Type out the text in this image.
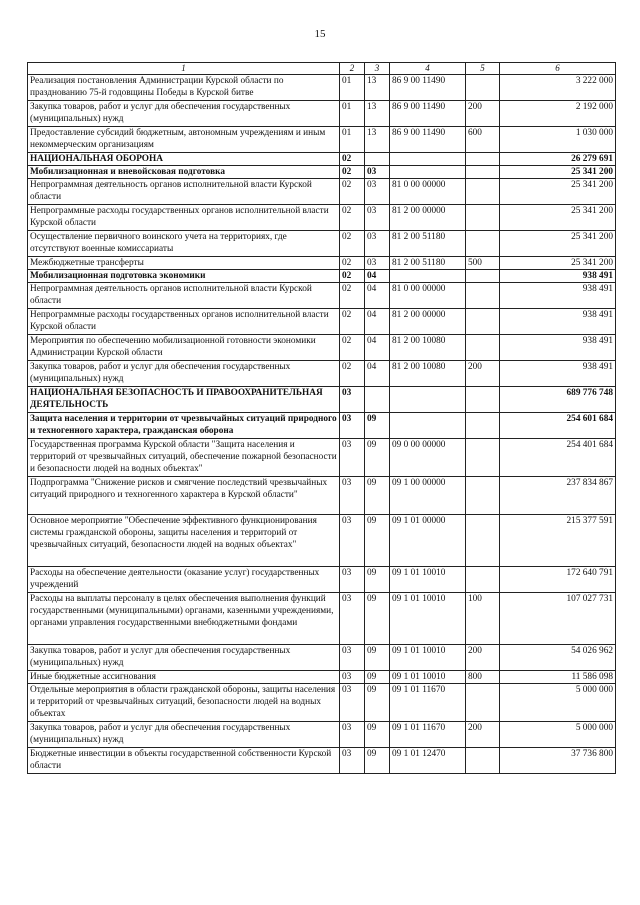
15
1	2	3	4	5	6
Реализация постановления Администрации Курской области по празднованию 75-й годовщины Победы в Курской битве	01	13	86 9 00 11490		3 222 000
Закупка товаров, работ и услуг для обеспечения государственных (муниципальных) нужд	01	13	86 9 00 11490	200	2 192 000
Предоставление субсидий бюджетным, автономным учреждениям и иным некоммерческим организациям	01	13	86 9 00 11490	600	1 030 000
НАЦИОНАЛЬНАЯ ОБОРОНА	02				26 279 691
Мобилизационная и вневойсковая подготовка	02	03			25 341 200
Непрограммная деятельность органов исполнительной власти Курской области	02	03	81 0 00 00000		25 341 200
Непрограммные расходы государственных органов исполнительной власти Курской области	02	03	81 2 00 00000		25 341 200
Осуществление первичного воинского учета на территориях, где отсутствуют военные комиссариаты	02	03	81 2 00 51180		25 341 200
Межбюджетные трансферты	02	03	81 2 00 51180	500	25 341 200
Мобилизационная подготовка экономики	02	04			938 491
Непрограммная деятельность органов исполнительной власти Курской области	02	04	81 0 00 00000		938 491
Непрограммные расходы государственных органов исполнительной власти Курской области	02	04	81 2 00 00000		938 491
Мероприятия по обеспечению мобилизационной готовности экономики Администрации Курской области	02	04	81 2 00 10080		938 491
Закупка товаров, работ и услуг для обеспечения государственных (муниципальных) нужд	02	04	81 2 00 10080	200	938 491
НАЦИОНАЛЬНАЯ БЕЗОПАСНОСТЬ И ПРАВООХРАНИТЕЛЬНАЯ ДЕЯТЕЛЬНОСТЬ	03				689 776 748
Защита населения и территории от чрезвычайных ситуаций природного и техногенного характера, гражданская оборона	03	09			254 601 684
Государственная программа Курской области "Защита населения и территорий от чрезвычайных ситуаций, обеспечение пожарной безопасности и безопасности людей на водных объектах"	03	09	09 0 00 00000		254 401 684
Подпрограмма "Снижение рисков и смягчение последствий чрезвычайных ситуаций природного и техногенного характера в Курской области"	03	09	09 1 00 00000		237 834 867
Основное мероприятие "Обеспечение эффективного функционирования системы гражданской обороны, защиты населения и территорий от чрезвычайных ситуаций, безопасности людей на водных объектах"	03	09	09 1 01 00000		215 377 591
Расходы на обеспечение деятельности (оказание услуг) государственных учреждений	03	09	09 1 01 10010		172 640 791
Расходы на выплаты персоналу в целях обеспечения выполнения функций государственными (муниципальными) органами, казенными учреждениями, органами управления государственными внебюджетными фондами	03	09	09 1 01 10010	100	107 027 731
Закупка товаров, работ и услуг для обеспечения государственных (муниципальных) нужд	03	09	09 1 01 10010	200	54 026 962
Иные бюджетные ассигнования	03	09	09 1 01 10010	800	11 586 098
Отдельные мероприятия в области гражданской обороны, защиты населения и территорий от чрезвычайных ситуаций, безопасности людей на водных объектах	03	09	09 1 01 11670		5 000 000
Закупка товаров, работ и услуг для обеспечения государственных (муниципальных) нужд	03	09	09 1 01 11670	200	5 000 000
Бюджетные инвестиции в объекты государственной собственности Курской области	03	09	09 1 01 12470		37 736 800
